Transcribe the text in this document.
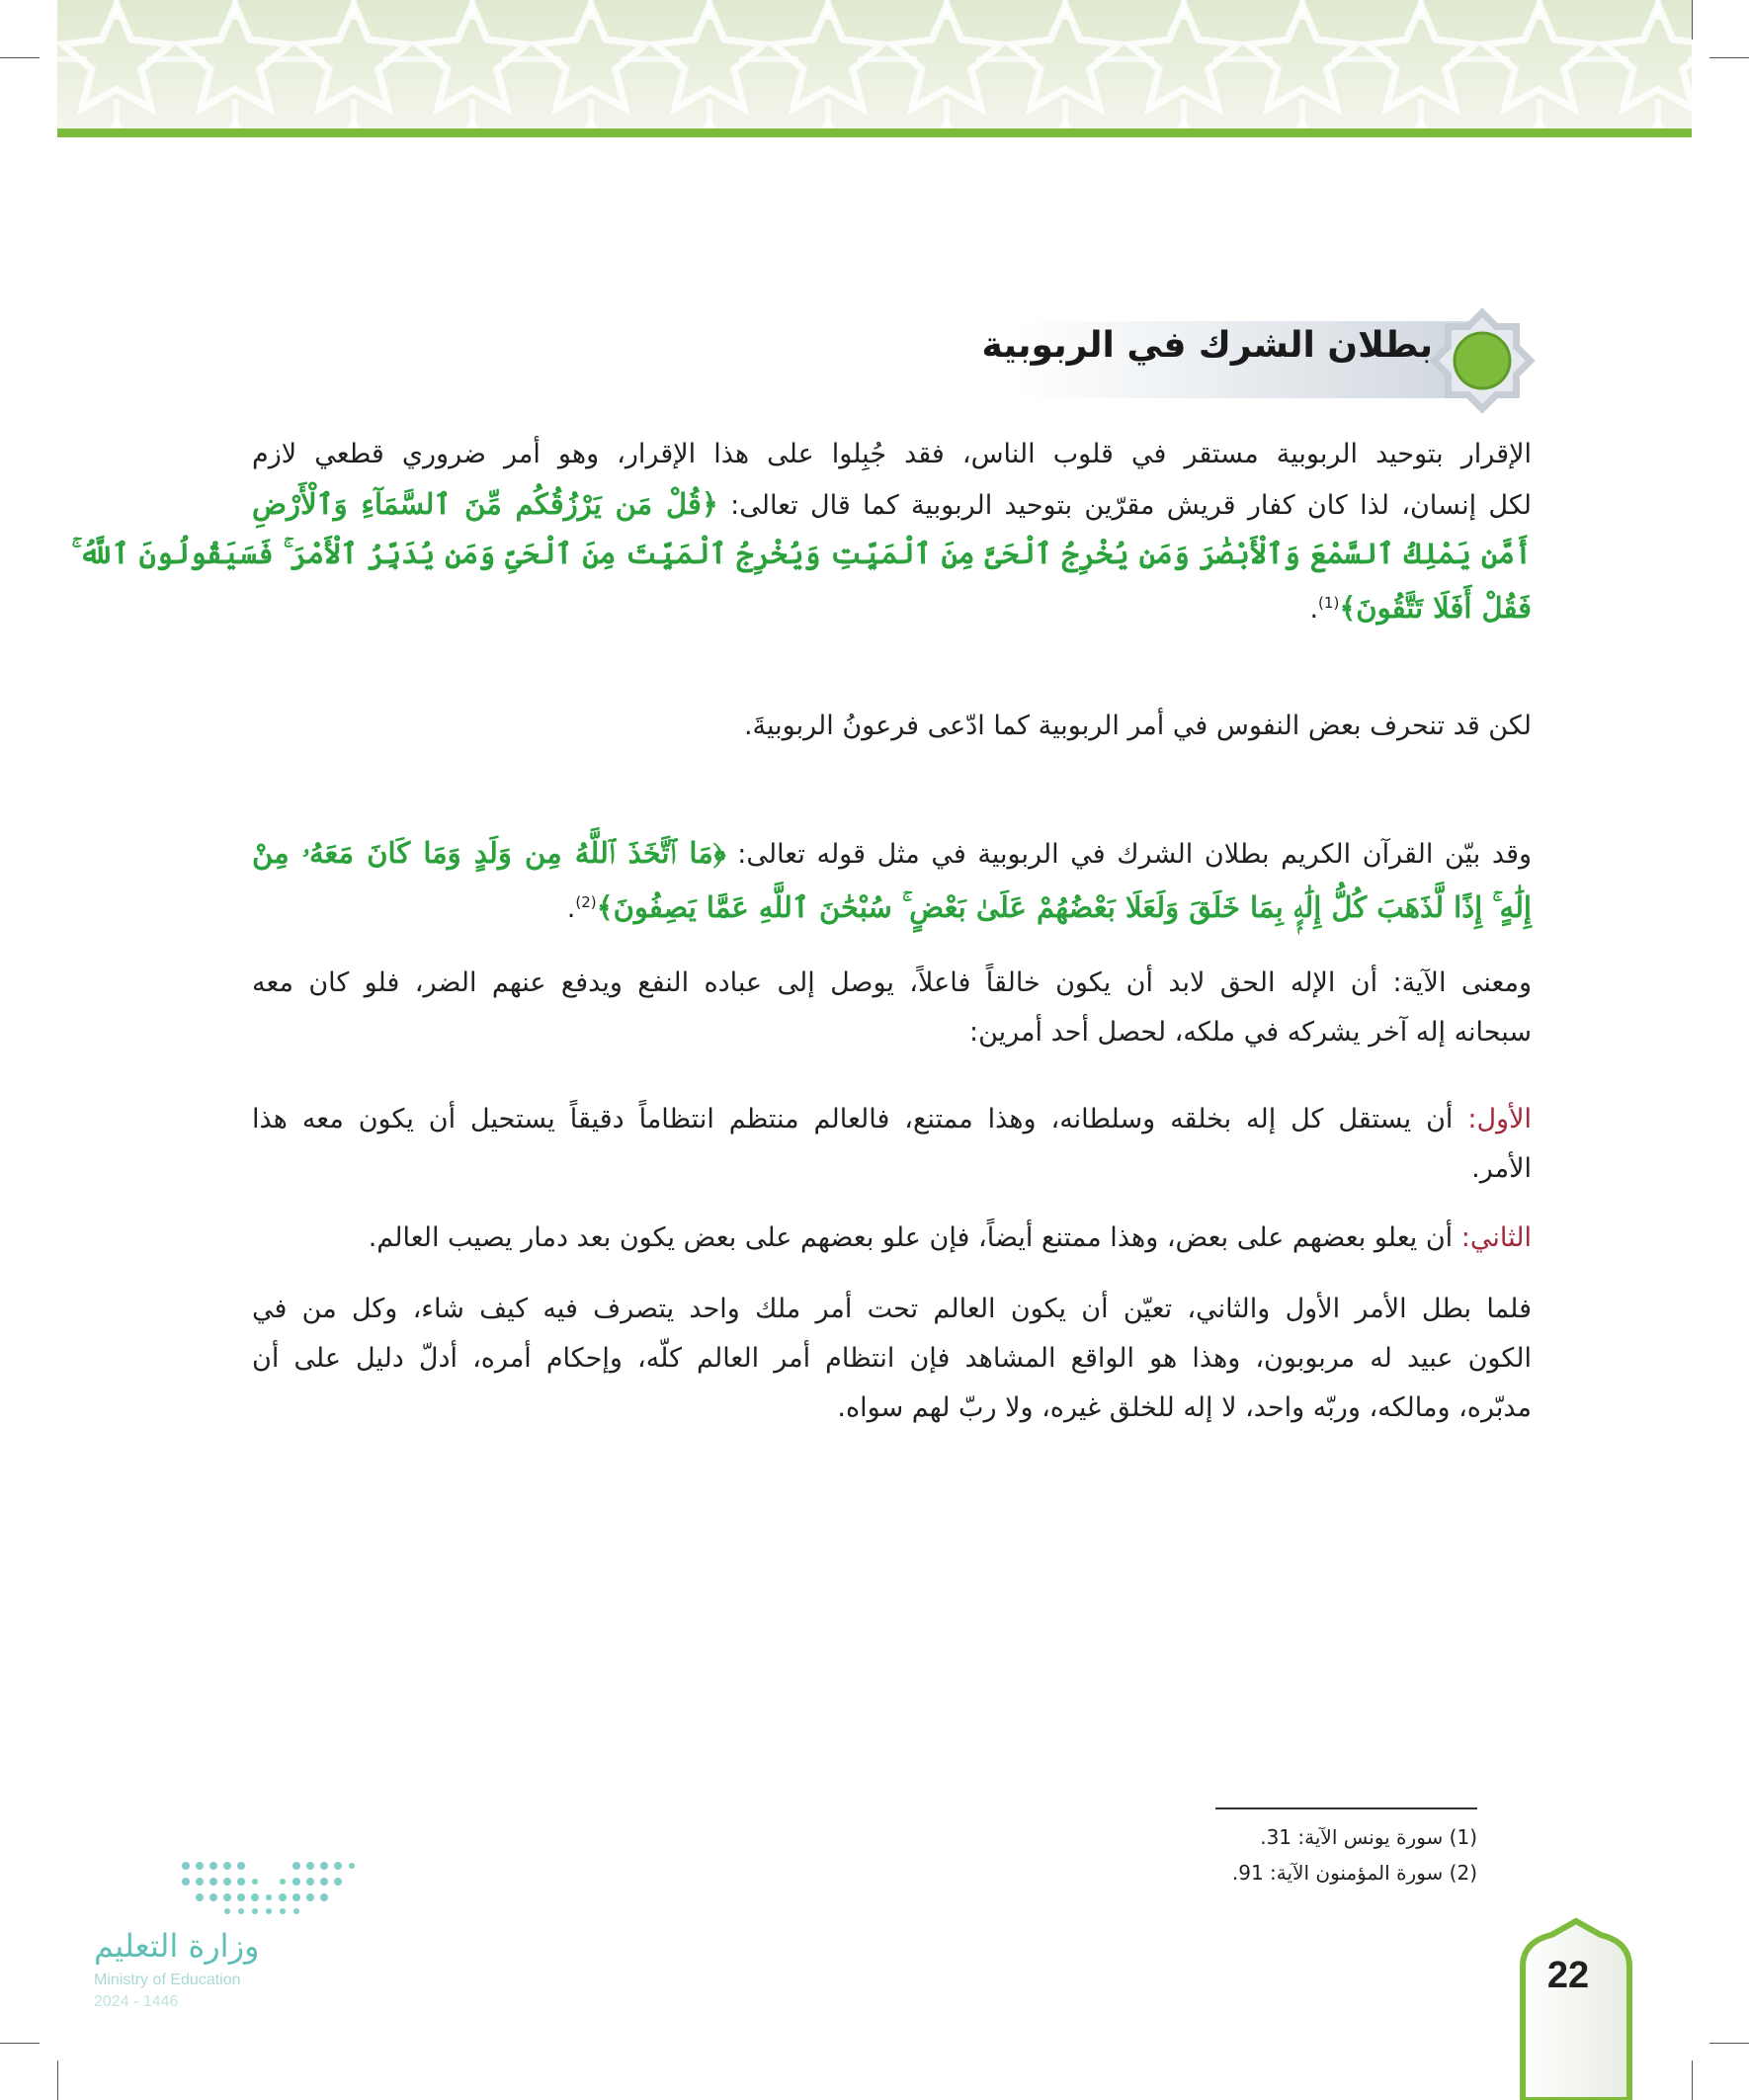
بطلان الشرك في الربوبية
الإقرار بتوحيد الربوبية مستقر في قلوب الناس، فقد جُبِلوا على هذا الإقرار، وهو أمر ضروري قطعي لازم
لكل إنسان، لذا كان كفار قريش مقرّين بتوحيد الربوبية كما قال تعالى: ﴿قُلْ مَن يَرْزُقُكُم مِّنَ ٱلسَّمَآءِ وَٱلْأَرْضِ
أَمَّن يَمْلِكُ ٱلسَّمْعَ وَٱلْأَبْصَٰرَ وَمَن يُخْرِجُ ٱلْحَىَّ مِنَ ٱلْمَيِّتِ وَيُخْرِجُ ٱلْمَيِّتَ مِنَ ٱلْحَىِّ وَمَن يُدَبِّرُ ٱلْأَمْرَ ۚ فَسَيَقُولُونَ ٱللَّهُ ۚ
فَقُلْ أَفَلَا تَتَّقُونَ﴾$^{(1)}$.
لكن قد تنحرف بعض النفوس في أمر الربوبية كما ادّعى فرعونُ الربوبيةَ.
وقد بيّن القرآن الكريم بطلان الشرك في الربوبية في مثل قوله تعالى: ﴿مَا ٱتَّخَذَ ٱللَّهُ مِن وَلَدٍ وَمَا كَانَ مَعَهُۥ مِنْ
إِلَٰهٍ ۚ إِذًا لَّذَهَبَ كُلُّ إِلَٰهٍۭ بِمَا خَلَقَ وَلَعَلَا بَعْضُهُمْ عَلَىٰ بَعْضٍ ۚ سُبْحَٰنَ ٱللَّهِ عَمَّا يَصِفُونَ﴾$^{(2)}$.
ومعنى الآية: أن الإله الحق لابد أن يكون خالقاً فاعلاً، يوصل إلى عباده النفع ويدفع عنهم الضر، فلو كان معه
سبحانه إله آخر يشركه في ملكه، لحصل أحد أمرين:
الأول: أن يستقل كل إله بخلقه وسلطانه، وهذا ممتنع، فالعالم منتظم انتظاماً دقيقاً يستحيل أن يكون معه هذا
الأمر.
الثاني: أن يعلو بعضهم على بعض، وهذا ممتنع أيضاً، فإن علو بعضهم على بعض يكون بعد دمار يصيب العالم.
فلما بطل الأمر الأول والثاني، تعيّن أن يكون العالم تحت أمر ملك واحد يتصرف فيه كيف شاء، وكل من في
الكون عبيد له مربوبون، وهذا هو الواقع المشاهد فإن انتظام أمر العالم كلّه، وإحكام أمره، أدلّ دليل على أن
مدبّره، ومالكه، وربّه واحد، لا إله للخلق غيره، ولا ربّ لهم سواه.
(1) سورة يونس الآية: 31.
(2) سورة المؤمنون الآية: 91.
وزارة التعليم
Ministry of Education
2024 - 1446
22
